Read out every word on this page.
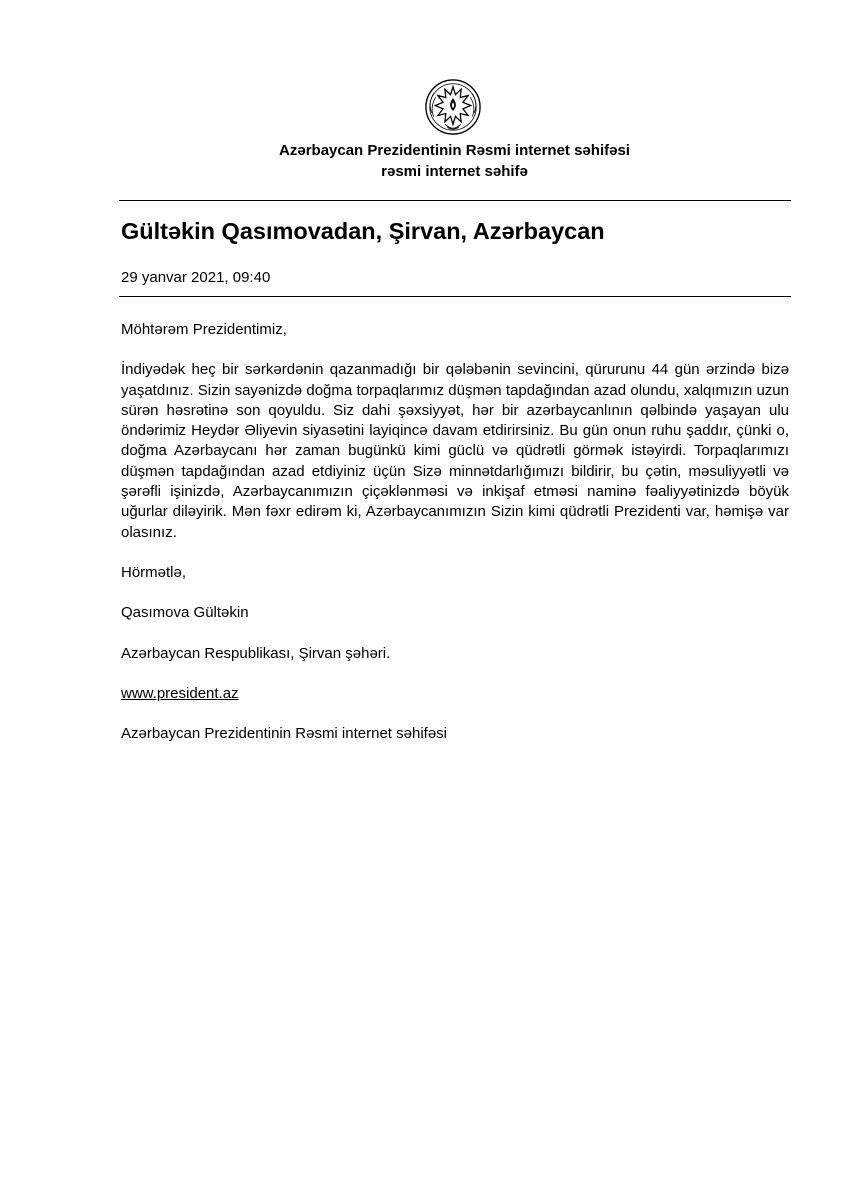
Azərbaycan Prezidentinin Rəsmi internet səhifəsi
rəsmi internet səhifə
Gültəkin Qasımovadan, Şirvan, Azərbaycan
29 yanvar 2021, 09:40

Möhtərəm Prezidentimiz,

İndiyədək heç bir sərkərdənin qazanmadığı bir qələbənin sevincini, qürurunu 44 gün ərzində bizə yaşatdınız. Sizin sayənizdə doğma torpaqlarımız düşmən tapdağından azad olundu, xalqımızın uzun sürən həsrətinə son qoyuldu. Siz dahi şəxsiyyət, hər bir azərbaycanlının qəlbində yaşayan ulu öndərimiz Heydər Əliyevin siyasətini layiqincə davam etdirirsiniz. Bu gün onun ruhu şaddır, çünki o, doğma Azərbaycanı hər zaman bugünkü kimi güclü və qüdrətli görmək istəyirdi. Torpaqlarımızı düşmən tapdağından azad etdiyiniz üçün Sizə minnətdarlığımızı bildirir, bu çətin, məsuliyyətli və şərəfli işinizdə, Azərbaycanımızın çiçəklənməsi və inkişaf etməsi naminə fəaliyyətinizdə böyük uğurlar diləyirik. Mən fəxr edirəm ki, Azərbaycanımızın Sizin kimi qüdrətli Prezidenti var, həmişə var olasınız.

Hörmətlə,

Qasımova Gültəkin

Azərbaycan Respublikası, Şirvan şəhəri.

www.president.az

Azərbaycan Prezidentinin Rəsmi internet səhifəsi
